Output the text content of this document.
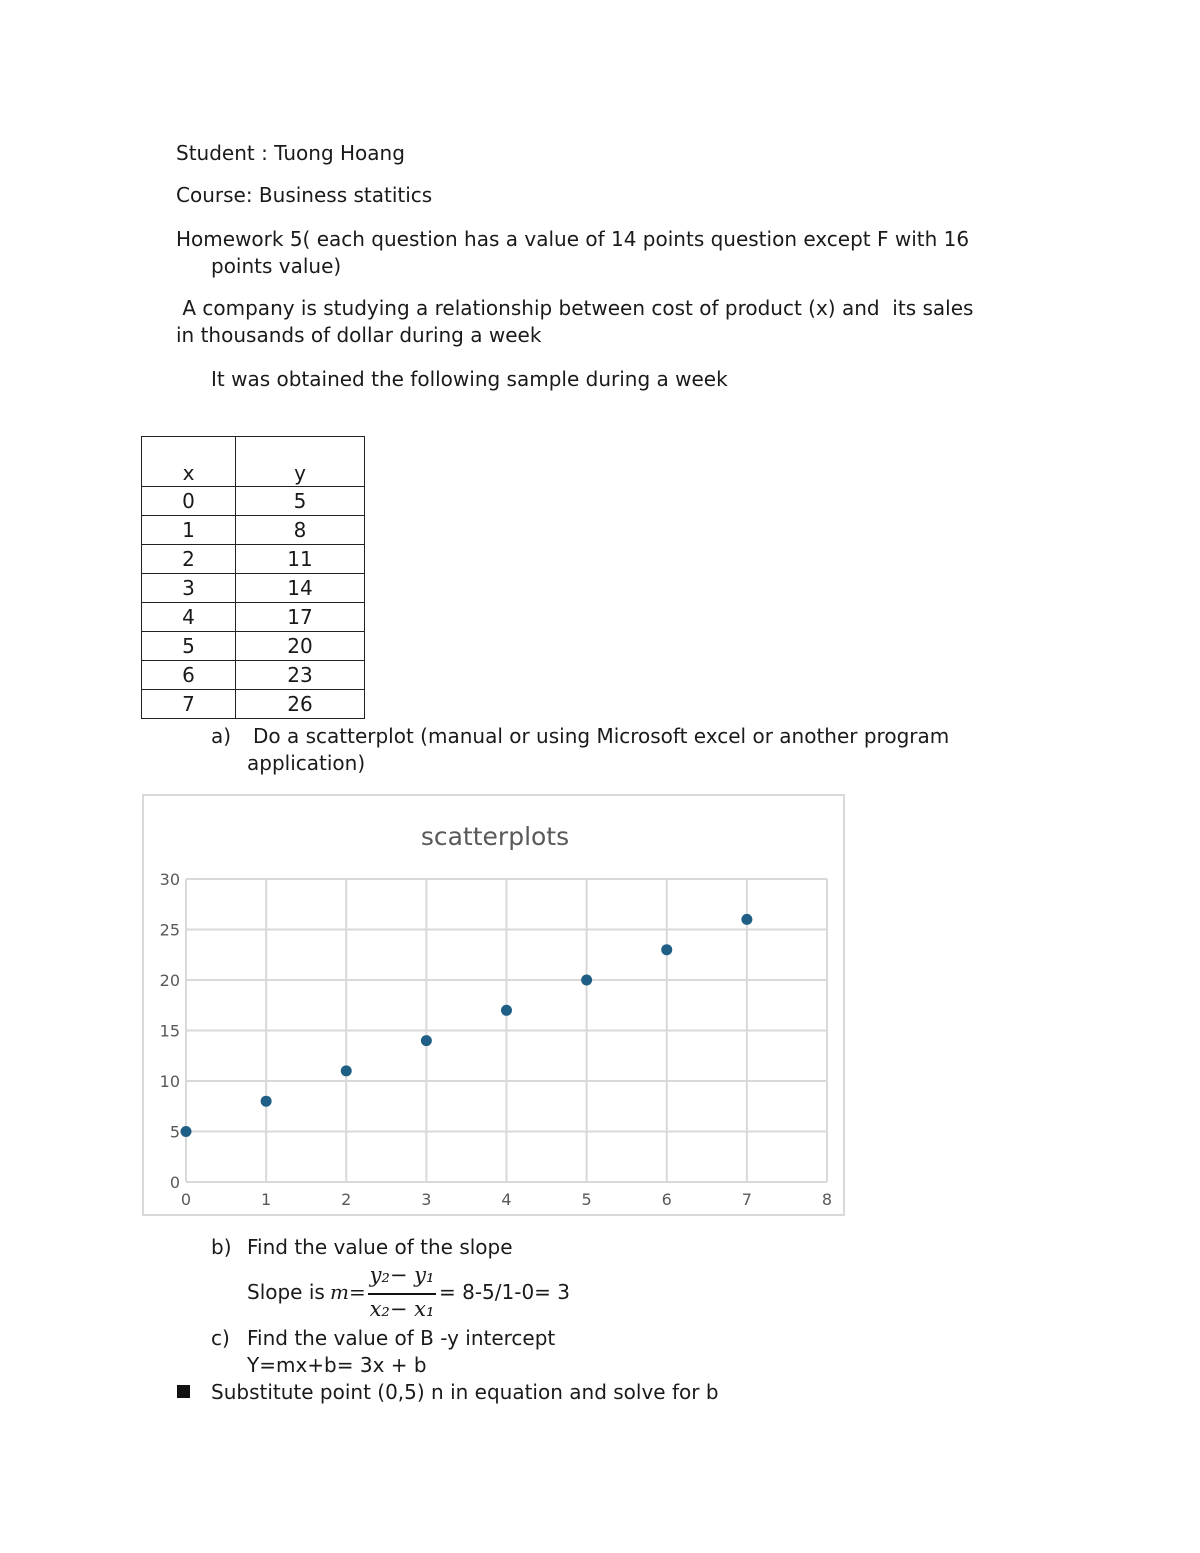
Student : Tuong Hoang
Course: Business statitics
Homework 5( each question has a value of 14 points question except F with 16
points value)
A company is studying a relationship between cost of product (x) and  its sales
in thousands of dollar during a week
It was obtained the following sample during a week
x	y
0	5
1	8
2	11
3	14
4	17
5	20
6	23
7	26
a) Do a scatterplot (manual or using Microsoft excel or another program
application)
scatterplots
0	1	2	3	4	5	6	7	8
0
5
10
15
20
25
30
b) Find the value of the slope
Slope is m=
y₂− y₁
x₂− x₁
= 8-5/1-0= 3
c) Find the value of B -y intercept
Y=mx+b= 3x + b
Substitute point (0,5) n in equation and solve for b
